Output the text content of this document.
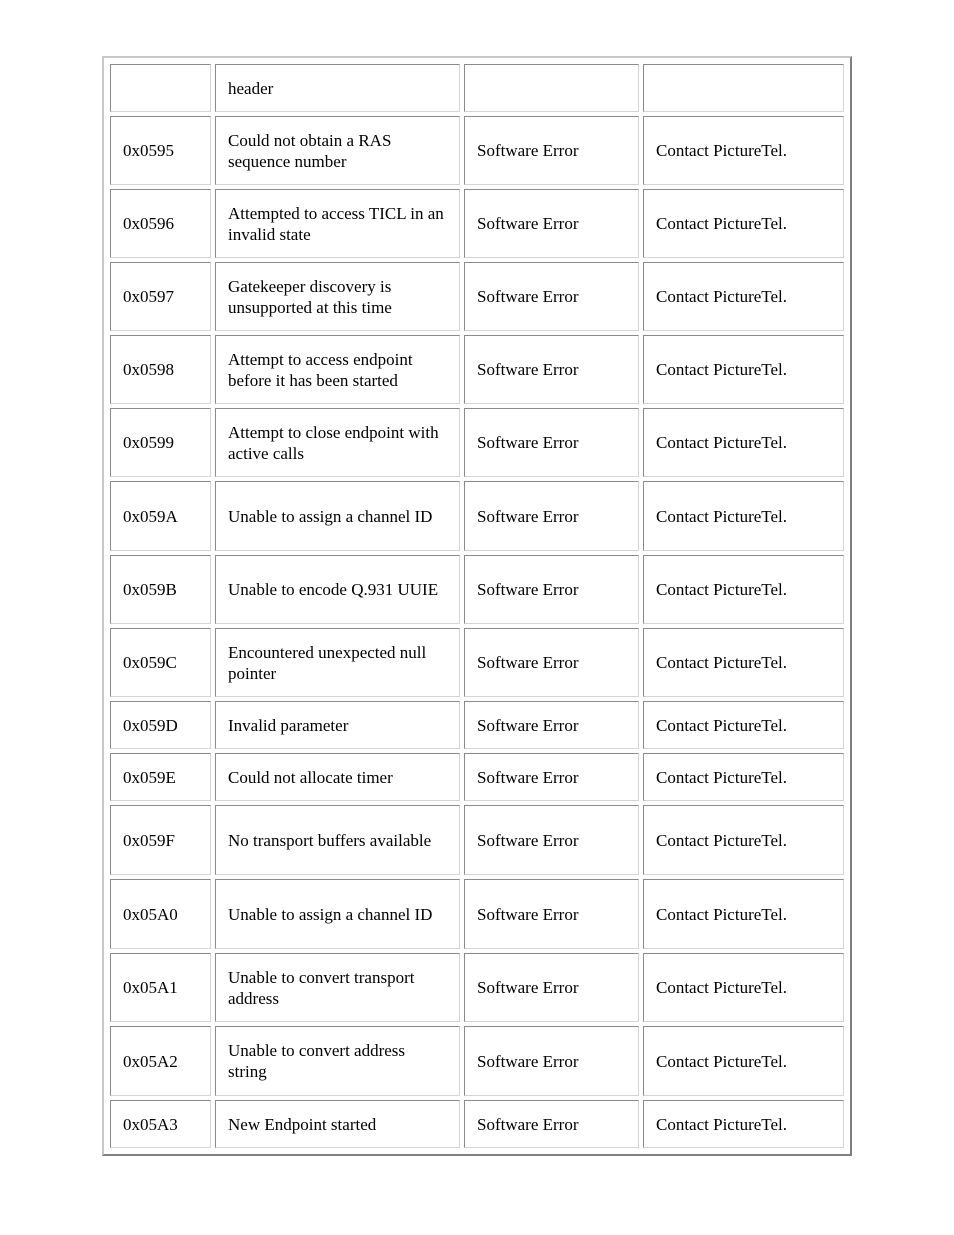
	header		
0x0595	Could not obtain a RAS sequence number	Software Error	Contact PictureTel.
0x0596	Attempted to access TICL in an invalid state	Software Error	Contact PictureTel.
0x0597	Gatekeeper discovery is unsupported at this time	Software Error	Contact PictureTel.
0x0598	Attempt to access endpoint before it has been started	Software Error	Contact PictureTel.
0x0599	Attempt to close endpoint with active calls	Software Error	Contact PictureTel.
0x059A	Unable to assign a channel ID	Software Error	Contact PictureTel.
0x059B	Unable to encode Q.931 UUIE	Software Error	Contact PictureTel.
0x059C	Encountered unexpected null pointer	Software Error	Contact PictureTel.
0x059D	Invalid parameter	Software Error	Contact PictureTel.
0x059E	Could not allocate timer	Software Error	Contact PictureTel.
0x059F	No transport buffers available	Software Error	Contact PictureTel.
0x05A0	Unable to assign a channel ID	Software Error	Contact PictureTel.
0x05A1	Unable to convert transport address	Software Error	Contact PictureTel.
0x05A2	Unable to convert address string	Software Error	Contact PictureTel.
0x05A3	New Endpoint started	Software Error	Contact PictureTel.
